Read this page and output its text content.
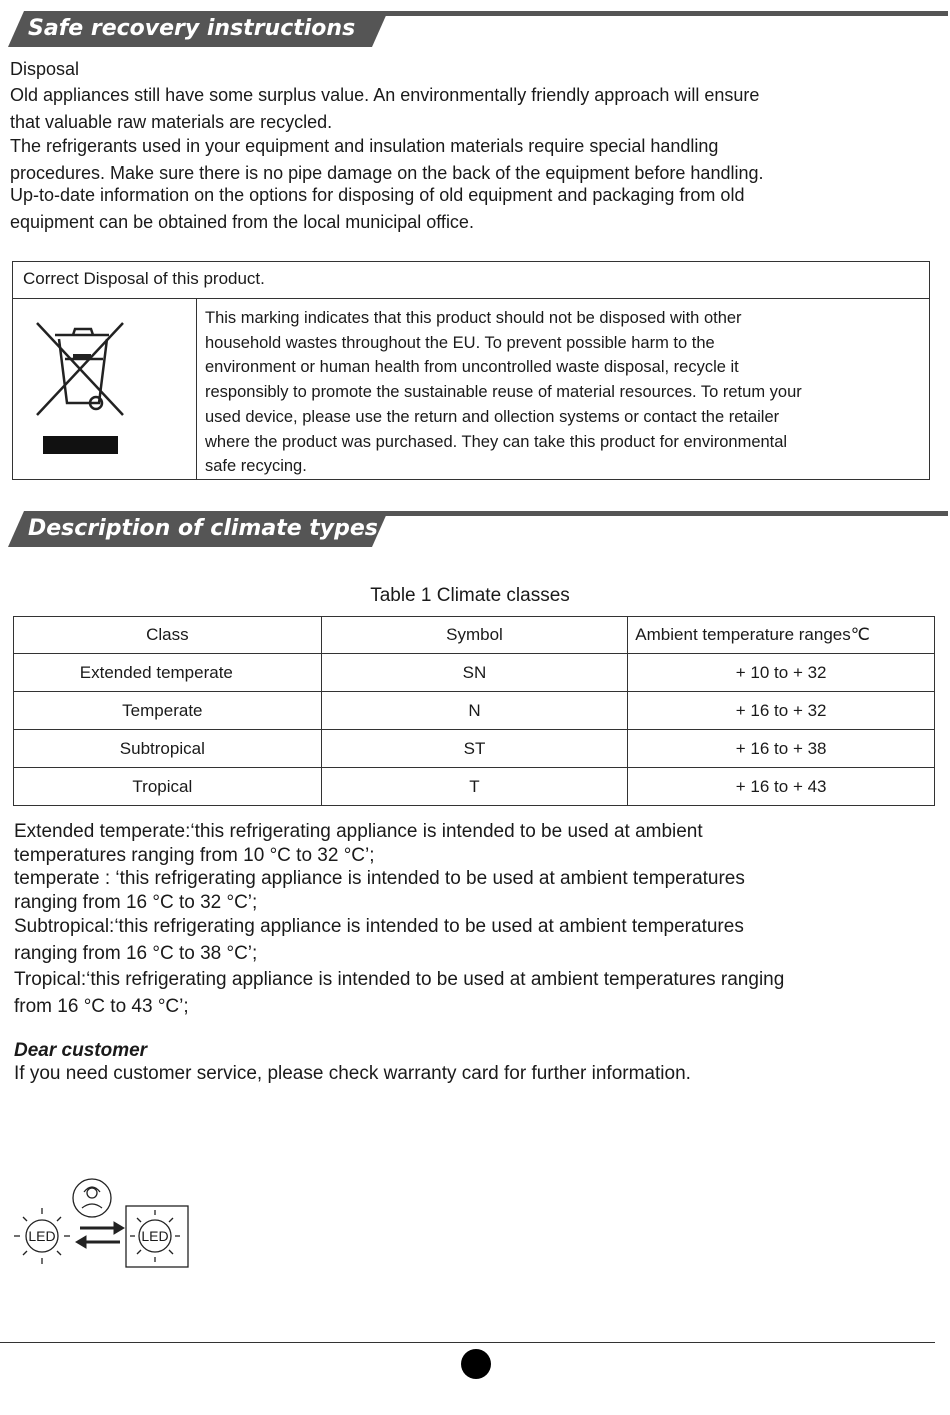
Safe recovery instructions
Disposal
Old appliances still have some surplus value. An environmentally friendly approach will ensure
that valuable raw materials are recycled.
The refrigerants used in your equipment and insulation materials require special handling
procedures. Make sure there is no pipe damage on the back of the equipment before handling.
Up-to-date information on the options for disposing of old equipment and packaging from old
equipment can be obtained from the local municipal office.
Correct Disposal of this product.
This marking indicates that this product should not be disposed with other
household wastes throughout the EU. To prevent possible harm to the
environment or human health from uncontrolled waste disposal, recycle it
responsibly to promote the sustainable reuse of material resources. To retum your
used device, please use the return and ollection systems or contact the retailer
where the product was purchased. They can take this product for environmental
safe recycing.
Description of climate types
Table 1 Climate classes
Class	Symbol	Ambient temperature ranges℃
Extended temperate	SN	+ 10 to + 32
Temperate	N	+ 16 to + 32
Subtropical	ST	+ 16 to + 38
Tropical	T	+ 16 to + 43
Extended temperate:‘this refrigerating appliance is intended to be used at ambient
temperatures ranging from 10 °C to 32 °C’;
temperate : ‘this refrigerating appliance is intended to be used at ambient temperatures
ranging from 16 °C to 32 °C’;
Subtropical:‘this refrigerating appliance is intended to be used at ambient temperatures
ranging from 16 °C to 38 °C’;
Tropical:‘this refrigerating appliance is intended to be used at ambient temperatures ranging
from 16 °C to 43 °C’;
Dear customer
If you need customer service, please check warranty card for further information.
LED	LED
